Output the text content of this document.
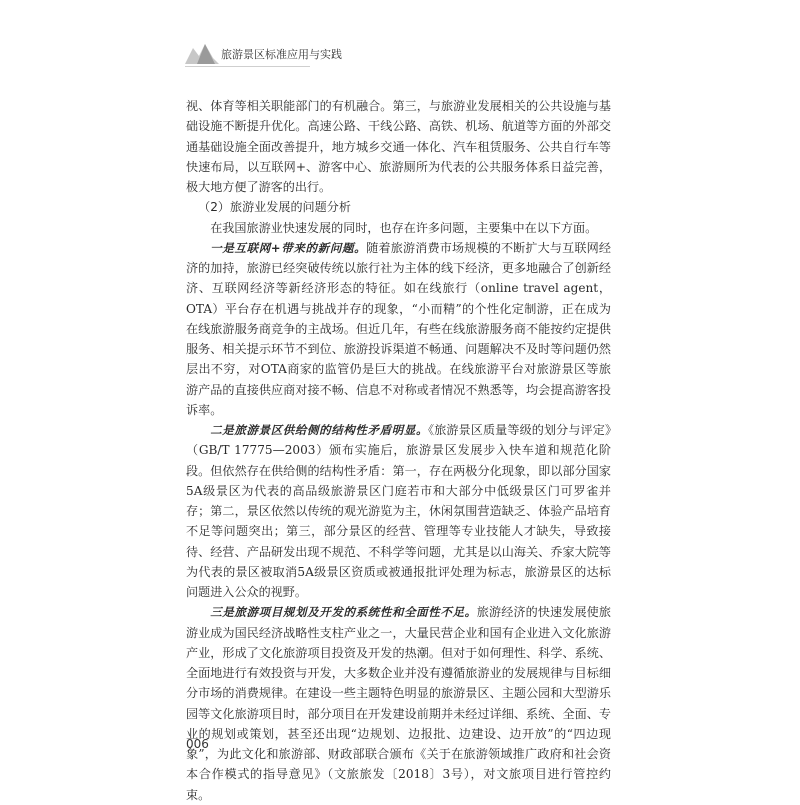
旅游景区标准应用与实践

视、体育等相关职能部门的有机融合。第三，与旅游业发展相关的公共设施与基础设施不断提升优化。高速公路、干线公路、高铁、机场、航道等方面的外部交通基础设施全面改善提升，地方城乡交通一体化、汽车租赁服务、公共自行车等快速布局，以互联网+、游客中心、旅游厕所为代表的公共服务体系日益完善，极大地方便了游客的出行。

（2）旅游业发展的问题分析

在我国旅游业快速发展的同时，也存在许多问题，主要集中在以下方面。

一是互联网+带来的新问题。随着旅游消费市场规模的不断扩大与互联网经济的加持，旅游已经突破传统以旅行社为主体的线下经济，更多地融合了创新经济、互联网经济等新经济形态的特征。如在线旅行（online travel agent，OTA）平台存在机遇与挑战并存的现象，“小而精”的个性化定制游，正在成为在线旅游服务商竞争的主战场。但近几年，有些在线旅游服务商不能按约定提供服务、相关提示环节不到位、旅游投诉渠道不畅通、问题解决不及时等问题仍然层出不穷，对OTA商家的监管仍是巨大的挑战。在线旅游平台对旅游景区等旅游产品的直接供应商对接不畅、信息不对称或者情况不熟悉等，均会提高游客投诉率。

二是旅游景区供给侧的结构性矛盾明显。《旅游景区质量等级的划分与评定》（GB/T 17775—2003）颁布实施后，旅游景区发展步入快车道和规范化阶段。但依然存在供给侧的结构性矛盾：第一，存在两极分化现象，即以部分国家5A级景区为代表的高品级旅游景区门庭若市和大部分中低级景区门可罗雀并存；第二，景区依然以传统的观光游览为主，休闲氛围营造缺乏、体验产品培育不足等问题突出；第三，部分景区的经营、管理等专业技能人才缺失，导致接待、经营、产品研发出现不规范、不科学等问题，尤其是以山海关、乔家大院等为代表的景区被取消5A级景区资质或被通报批评处理为标志，旅游景区的达标问题进入公众的视野。

三是旅游项目规划及开发的系统性和全面性不足。旅游经济的快速发展使旅游业成为国民经济战略性支柱产业之一，大量民营企业和国有企业进入文化旅游产业，形成了文化旅游项目投资及开发的热潮。但对于如何理性、科学、系统、全面地进行有效投资与开发，大多数企业并没有遵循旅游业的发展规律与目标细分市场的消费规律。在建设一些主题特色明显的旅游景区、主题公园和大型游乐园等文化旅游项目时，部分项目在开发建设前期并未经过详细、系统、全面、专业的规划或策划，甚至还出现“边规划、边报批、边建设、边开放”的“四边现象”，为此文化和旅游部、财政部联合颁布《关于在旅游领域推广政府和社会资本合作模式的指导意见》（文旅旅发〔2018〕3号），对文旅项目进行管控约束。

006
